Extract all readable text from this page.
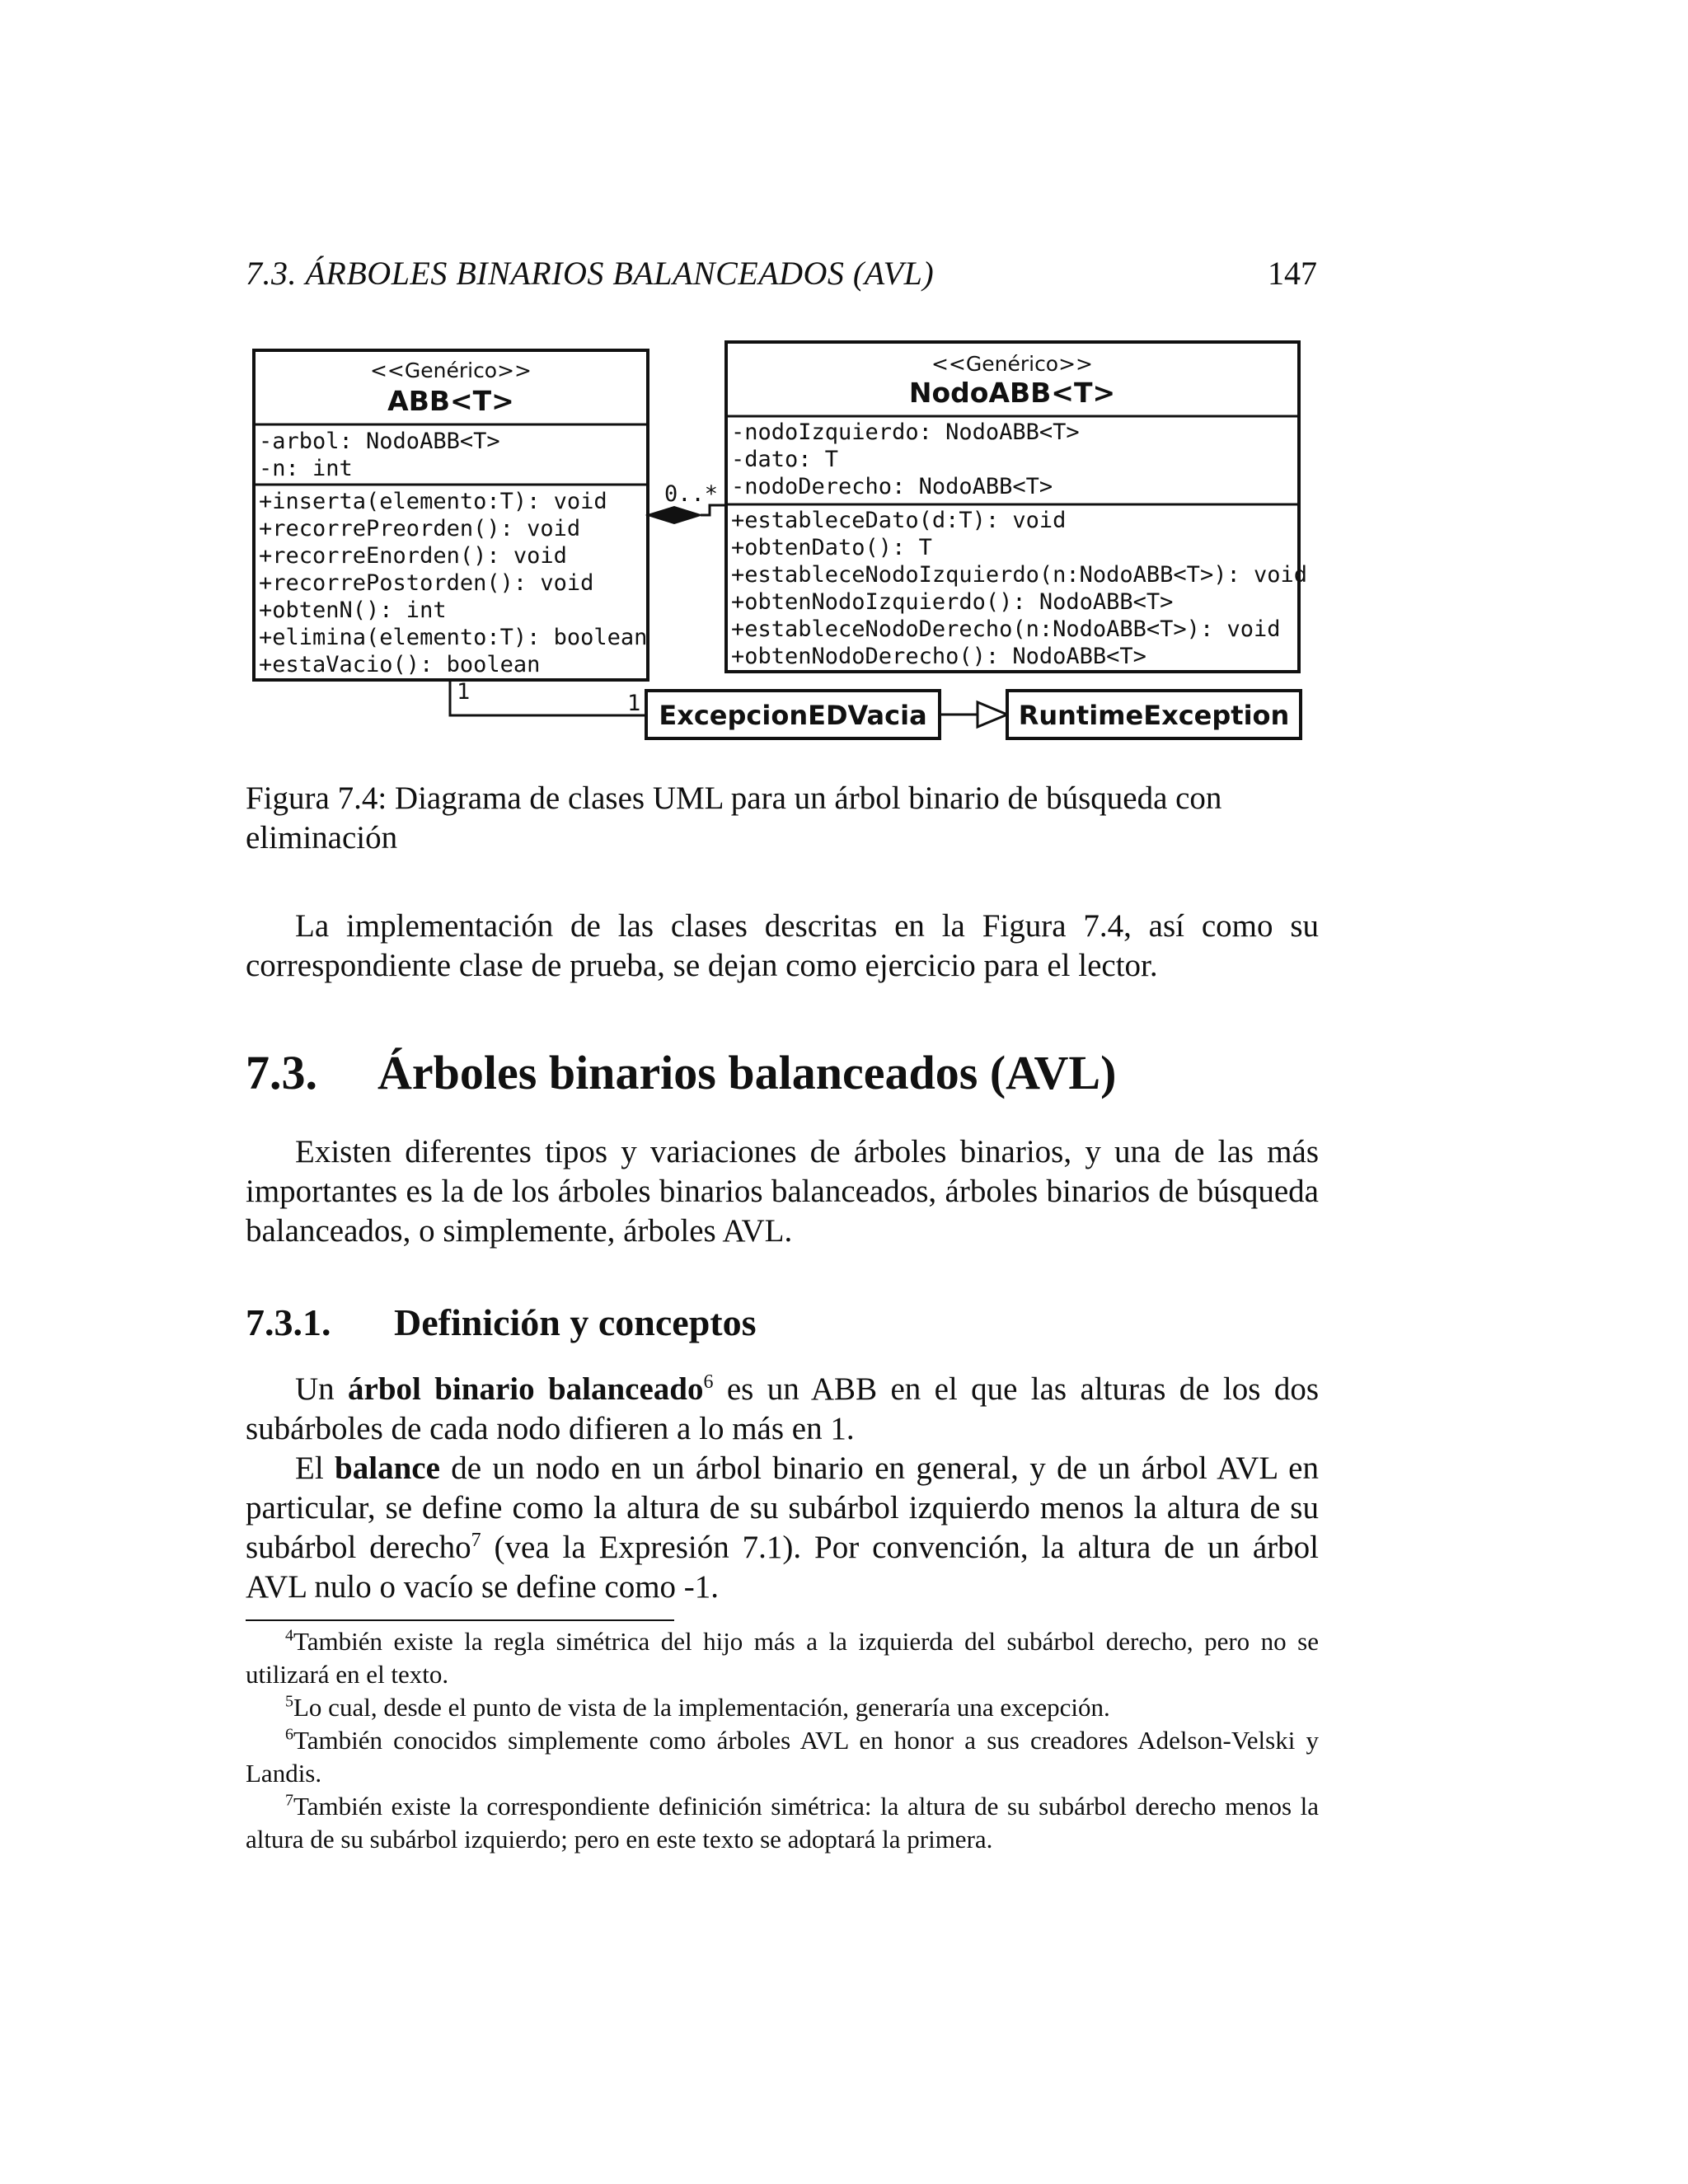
7.3. ÁRBOLES BINARIOS BALANCEADOS (AVL)	147
<<Genérico>>
ABB<T>
-arbol: NodoABB<T>
-n: int
+inserta(elemento:T): void
+recorrePreorden(): void
+recorreEnorden(): void
+recorrePostorden(): void
+obtenN(): int
+elimina(elemento:T): boolean
+estaVacio(): boolean
<<Genérico>>
NodoABB<T>
-nodoIzquierdo: NodoABB<T>
-dato: T
-nodoDerecho: NodoABB<T>
+estableceDato(d:T): void
+obtenDato(): T
+estableceNodoIzquierdo(n:NodoABB<T>): void
+obtenNodoIzquierdo(): NodoABB<T>
+estableceNodoDerecho(n:NodoABB<T>): void
+obtenNodoDerecho(): NodoABB<T>
0..*
1	1 ExcepcionEDVacia	RuntimeException
Figura 7.4: Diagrama de clases UML para un árbol binario de búsqueda con eliminación

La implementación de las clases descritas en la Figura 7.4, así como su correspondiente clase de prueba, se dejan como ejercicio para el lector.

7.3. Árboles binarios balanceados (AVL)

Existen diferentes tipos y variaciones de árboles binarios, y una de las más importantes es la de los árboles binarios balanceados, árboles binarios de búsqueda balanceados, o simplemente, árboles AVL.

7.3.1. Definición y conceptos

Un árbol binario balanceado$^6$ es un ABB en el que las alturas de los dos subárboles de cada nodo difieren a lo más en 1.

El balance de un nodo en un árbol binario en general, y de un árbol AVL en particular, se define como la altura de su subárbol izquierdo menos la altura de su subárbol derecho$^7$ (vea la Expresión 7.1). Por convención, la altura de un árbol AVL nulo o vacío se define como -1.

$^4$También existe la regla simétrica del hijo más a la izquierda del subárbol derecho, pero no se utilizará en el texto.

$^5$Lo cual, desde el punto de vista de la implementación, generaría una excepción.

$^6$También conocidos simplemente como árboles AVL en honor a sus creadores Adelson-Velski y Landis.

$^7$También existe la correspondiente definición simétrica: la altura de su subárbol derecho menos la altura de su subárbol izquierdo; pero en este texto se adoptará la primera.
